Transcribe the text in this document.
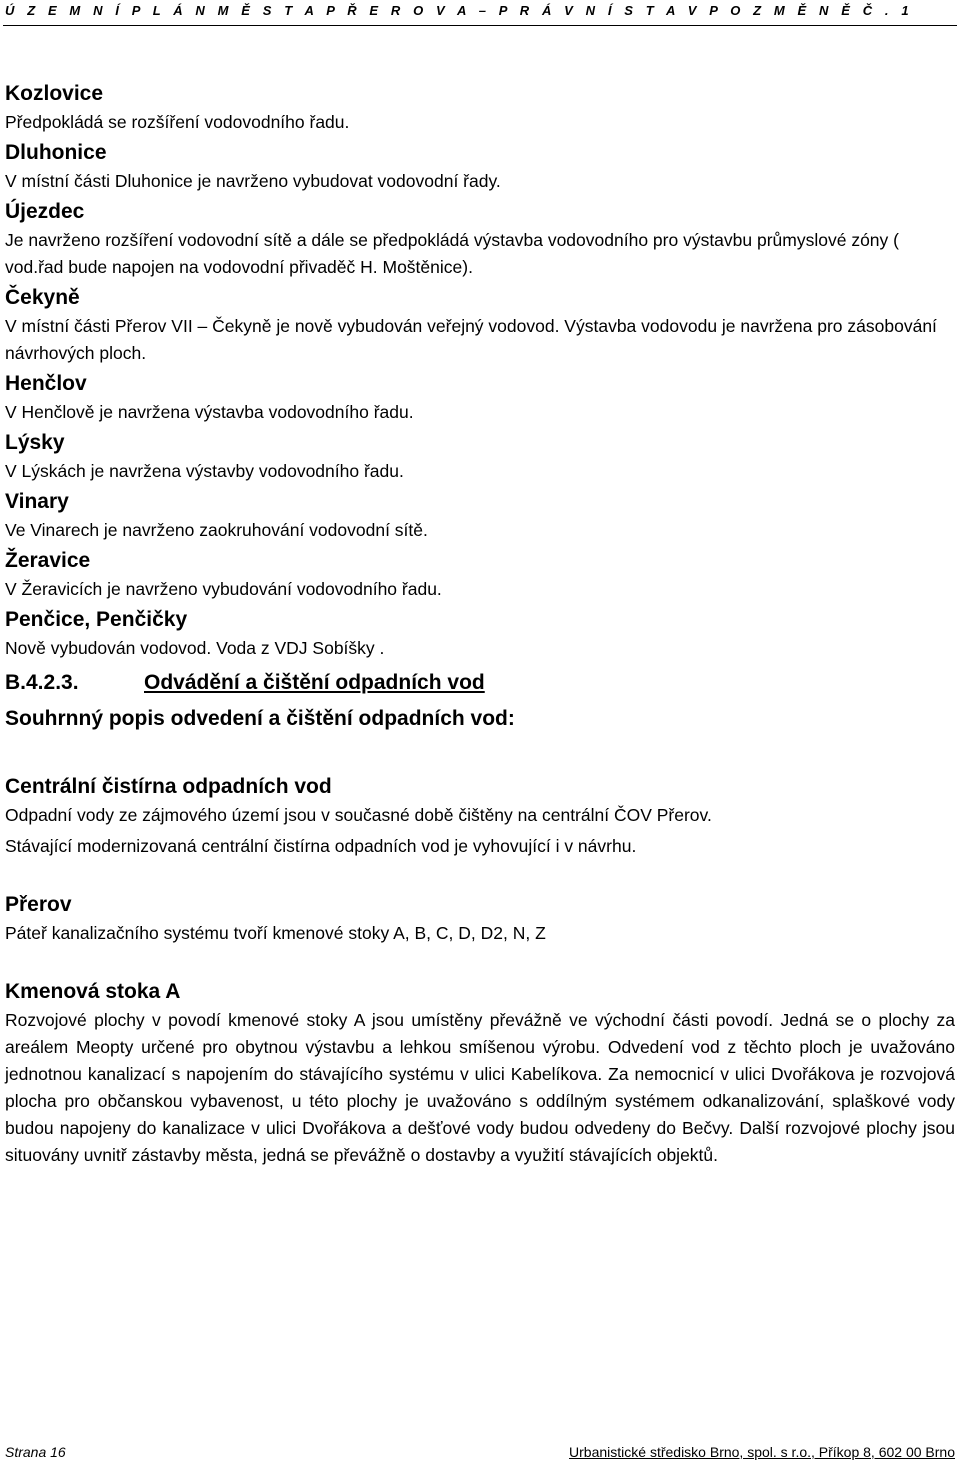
Ú Z E M N Í P L Á N M Ě S T A P Ř E R O V A – P R Á V N Í S T A V P O Z M Ě N Ě Č . 1
Kozlovice

Předpokládá se rozšíření vodovodního řadu.

Dluhonice

V místní části Dluhonice je navrženo vybudovat vodovodní řady.

Újezdec

Je navrženo rozšíření vodovodní sítě a dále se předpokládá výstavba vodovodního pro výstavbu průmyslové zóny ( vod.řad bude napojen na vodovodní přivaděč H. Moštěnice).

Čekyně

V místní části Přerov VII – Čekyně je nově vybudován veřejný vodovod. Výstavba vodovodu je navržena pro zásobování návrhových ploch.

Henčlov

V Henčlově je navržena výstavba vodovodního řadu.

Lýsky

V Lýskách je navržena výstavby vodovodního řadu.

Vinary

Ve Vinarech je navrženo zaokruhování vodovodní sítě.

Žeravice

V Žeravicích je navrženo vybudování vodovodního řadu.

Penčice, Penčičky

Nově vybudován vodovod. Voda z VDJ Sobíšky .

B.4.2.3.	Odvádění a čištění odpadních vod
Souhrnný popis odvedení a čištění odpadních vod:
Centrální čistírna odpadních vod

Odpadní vody ze zájmového území jsou v současné době čištěny na centrální ČOV Přerov.

Stávající modernizovaná centrální čistírna odpadních vod je vyhovující i v návrhu.

Přerov

Páteř kanalizačního systému tvoří kmenové stoky A, B, C, D, D2, N, Z

Kmenová stoka A

Rozvojové plochy v povodí kmenové stoky A jsou umístěny převážně ve východní části povodí. Jedná se o plochy za areálem Meopty určené pro obytnou výstavbu a lehkou smíšenou výrobu. Odvedení vod z těchto ploch je uvažováno jednotnou kanalizací s napojením do stávajícího systému v ulici Kabelíkova. Za nemocnicí v ulici Dvořákova je rozvojová plocha pro občanskou vybavenost, u této plochy je uvažováno s oddílným systémem odkanalizování, splaškové vody budou napojeny do kanalizace v ulici Dvořákova a dešťové vody budou odvedeny do Bečvy. Další rozvojové plochy jsou situovány uvnitř zástavby města, jedná se převážně o dostavby a využití stávajících objektů.

Strana 16	Urbanistické středisko Brno, spol. s r.o., Příkop 8, 602 00 Brno
